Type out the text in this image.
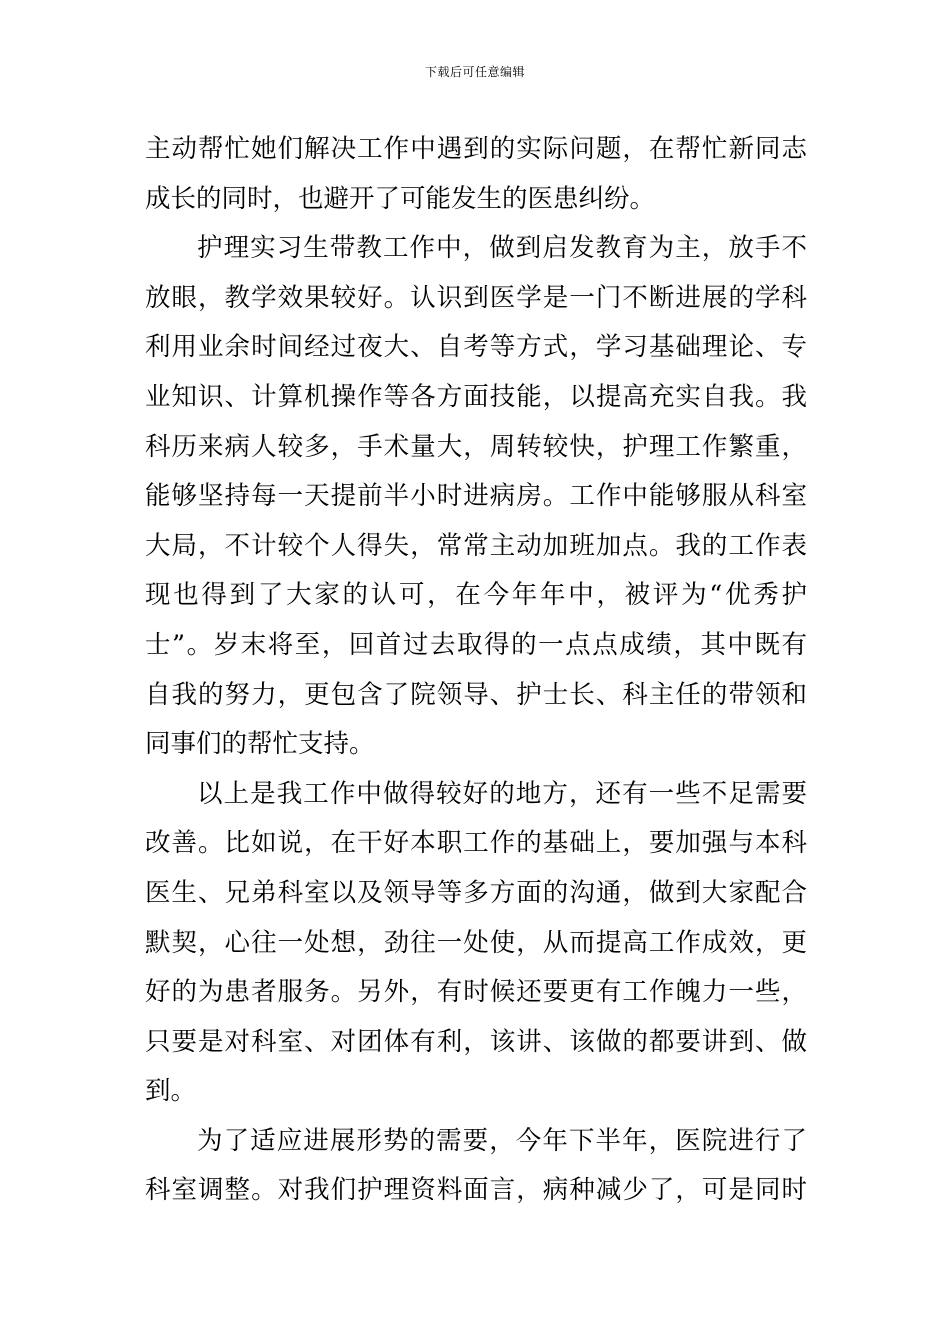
下载后可任意编辑
主动帮忙她们解决工作中遇到的实际问题，在帮忙新同志
成长的同时，也避开了可能发生的医患纠纷。
护理实习生带教工作中，做到启发教育为主，放手不
放眼，教学效果较好。认识到医学是一门不断进展的学科
利用业余时间经过夜大、自考等方式，学习基础理论、专
业知识、计算机操作等各方面技能，以提高充实自我。我
科历来病人较多，手术量大，周转较快，护理工作繁重，
能够坚持每一天提前半小时进病房。工作中能够服从科室
大局，不计较个人得失，常常主动加班加点。我的工作表
现也得到了大家的认可，在今年年中，被评为“优秀护
士”。岁末将至，回首过去取得的一点点成绩，其中既有
自我的努力，更包含了院领导、护士长、科主任的带领和
同事们的帮忙支持。
以上是我工作中做得较好的地方，还有一些不足需要
改善。比如说，在干好本职工作的基础上，要加强与本科
医生、兄弟科室以及领导等多方面的沟通，做到大家配合
默契，心往一处想，劲往一处使，从而提高工作成效，更
好的为患者服务。另外，有时候还要更有工作魄力一些，
只要是对科室、对团体有利，该讲、该做的都要讲到、做
到。
为了适应进展形势的需要，今年下半年，医院进行了
科室调整。对我们护理资料面言，病种减少了，可是同时
